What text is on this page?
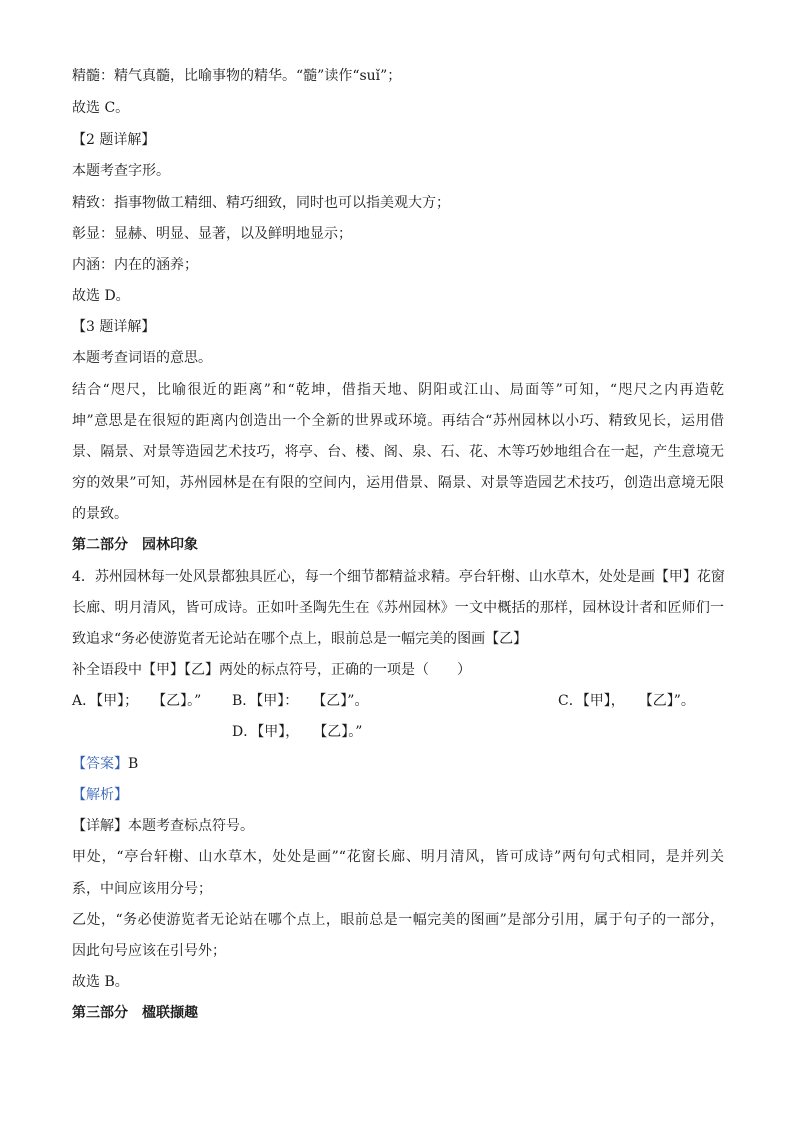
精髓：精气真髓，比喻事物的精华。“髓”读作“suǐ”；
故选 C。
【2 题详解】
本题考查字形。
精致：指事物做工精细、精巧细致，同时也可以指美观大方；
彰显：显赫、明显、显著，以及鲜明地显示；
内涵：内在的涵养；
故选 D。
【3 题详解】
本题考查词语的意思。
结合“咫尺，比喻很近的距离”和“乾坤，借指天地、阴阳或江山、局面等”可知，“咫尺之内再造乾
坤”意思是在很短的距离内创造出一个全新的世界或环境。再结合“苏州园林以小巧、精致见长，运用借
景、隔景、对景等造园艺术技巧，将亭、台、楼、阁、泉、石、花、木等巧妙地组合在一起，产生意境无
穷的效果”可知，苏州园林是在有限的空间内，运用借景、隔景、对景等造园艺术技巧，创造出意境无限
的景致。
第二部分　园林印象
4．苏州园林每一处风景都独具匠心，每一个细节都精益求精。亭台轩榭、山水草木，处处是画【甲】花窗
长廊、明月清风，皆可成诗。正如叶圣陶先生在《苏州园林》一文中概括的那样，园林设计者和匠师们一
致追求“务必使游览者无论站在哪个点上，眼前总是一幅完美的图画【乙】
补全语段中【甲】【乙】两处的标点符号，正确的一项是（　　）
A．【甲】；　　【乙】。” B．【甲】：　　【乙】”。	C．【甲】，　　【乙】”。
D．【甲】，　　【乙】。”
【答案】B
【解析】
【详解】本题考查标点符号。
甲处，“亭台轩榭、山水草木，处处是画”“花窗长廊、明月清风，皆可成诗”两句句式相同，是并列关
系，中间应该用分号；
乙处，“务必使游览者无论站在哪个点上，眼前总是一幅完美的图画”是部分引用，属于句子的一部分，
因此句号应该在引号外；
故选 B。
第三部分　楹联撷趣
